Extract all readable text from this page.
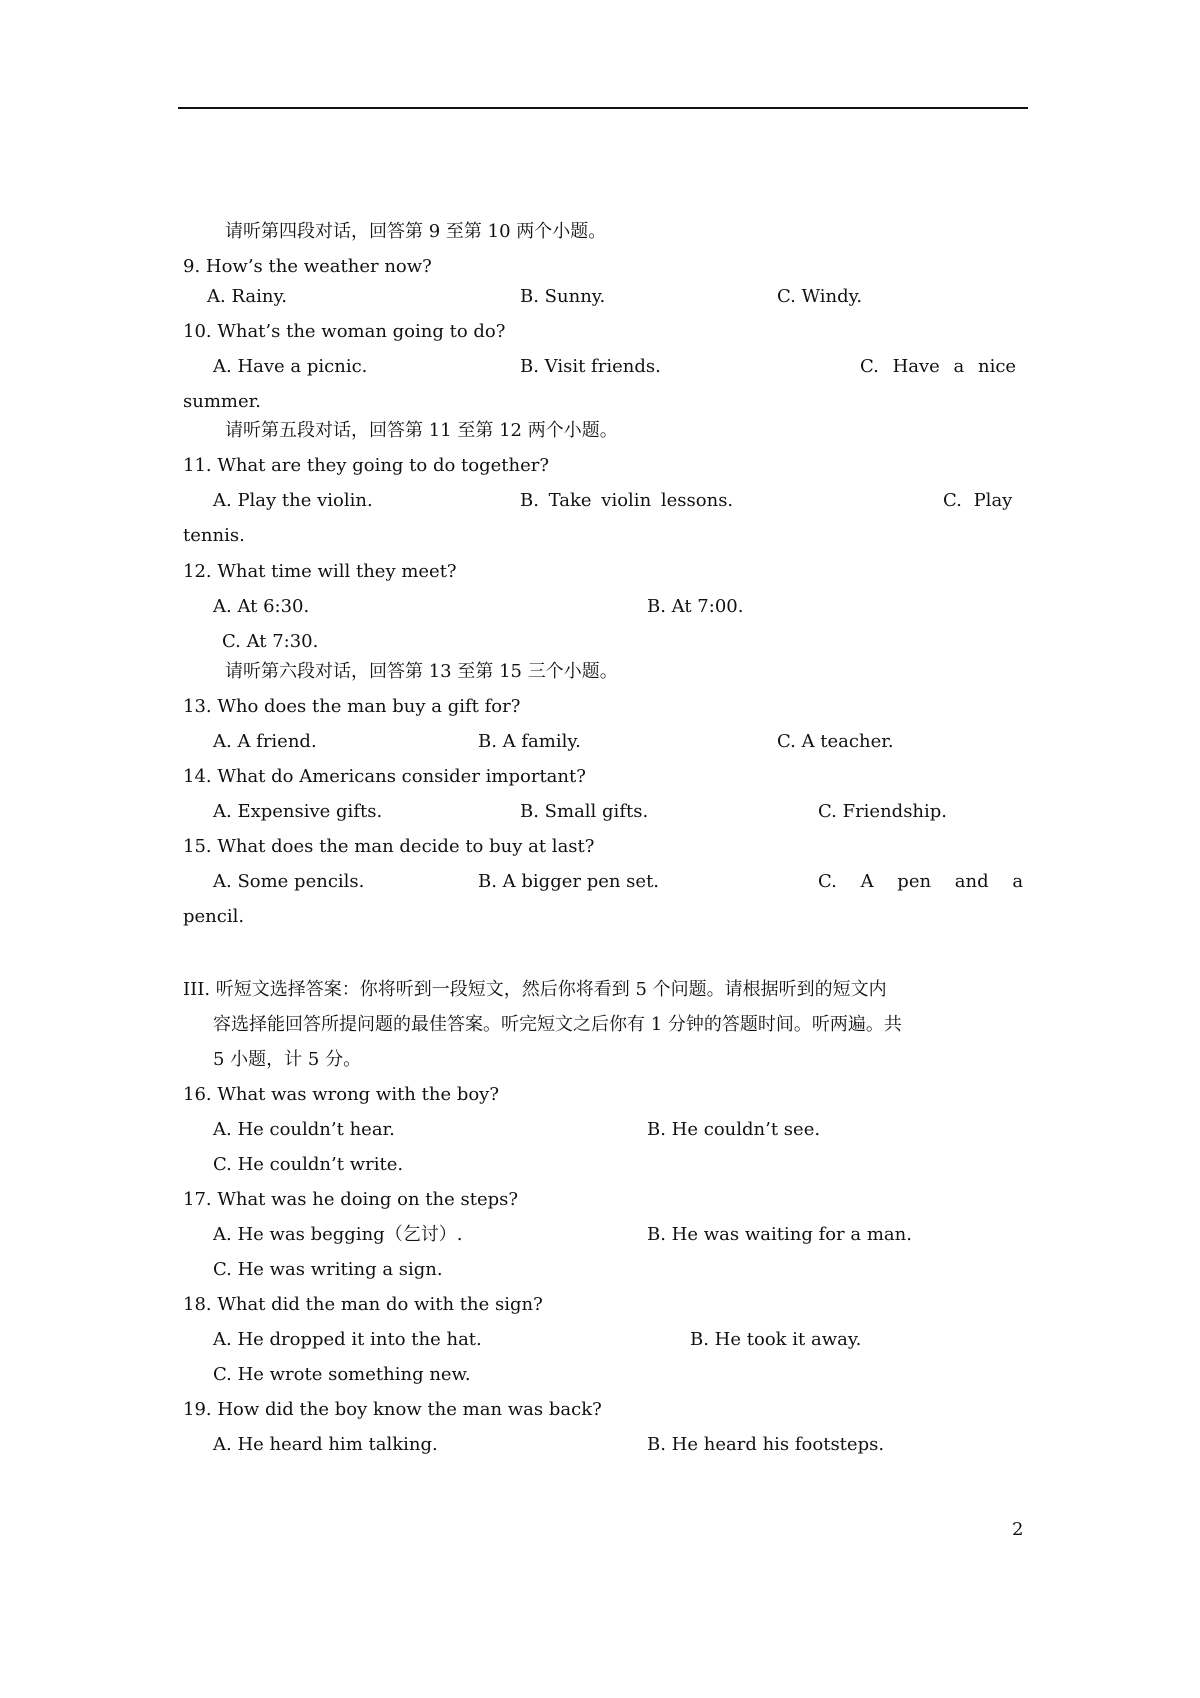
请听第四段对话，回答第 9 至第 10 两个小题。
9. How’s the weather now?
A. Rainy.	B. Sunny.	C. Windy.
10. What’s the woman going to do?
A. Have a picnic.	B. Visit friends.	C. Have a nice
summer.
请听第五段对话，回答第 11 至第 12 两个小题。
11. What are they going to do together?
A. Play the violin.	B. Take violin lessons.	C. Play
tennis.
12. What time will they meet?
A. At 6:30.	B. At 7:00.
C. At 7:30.
请听第六段对话，回答第 13 至第 15 三个小题。
13. Who does the man buy a gift for?
A. A friend.	B. A family.	C. A teacher.
14. What do Americans consider important?
A. Expensive gifts.	B. Small gifts.	C. Friendship.
15. What does the man decide to buy at last?
A. Some pencils.	B. A bigger pen set.	C. A pen and a
pencil.
III. 听短文选择答案：你将听到一段短文，然后你将看到 5 个问题。请根据听到的短文内
容选择能回答所提问题的最佳答案。听完短文之后你有 1 分钟的答题时间。听两遍。共
5 小题，计 5 分。
16. What was wrong with the boy?
A. He couldn’t hear.	B. He couldn’t see.
C. He couldn’t write.
17. What was he doing on the steps?
A. He was begging（乞讨）.	B. He was waiting for a man.
C. He was writing a sign.
18. What did the man do with the sign?
A. He dropped it into the hat.	B. He took it away.
C. He wrote something new.
19. How did the boy know the man was back?
A. He heard him talking.	B. He heard his footsteps.
2
